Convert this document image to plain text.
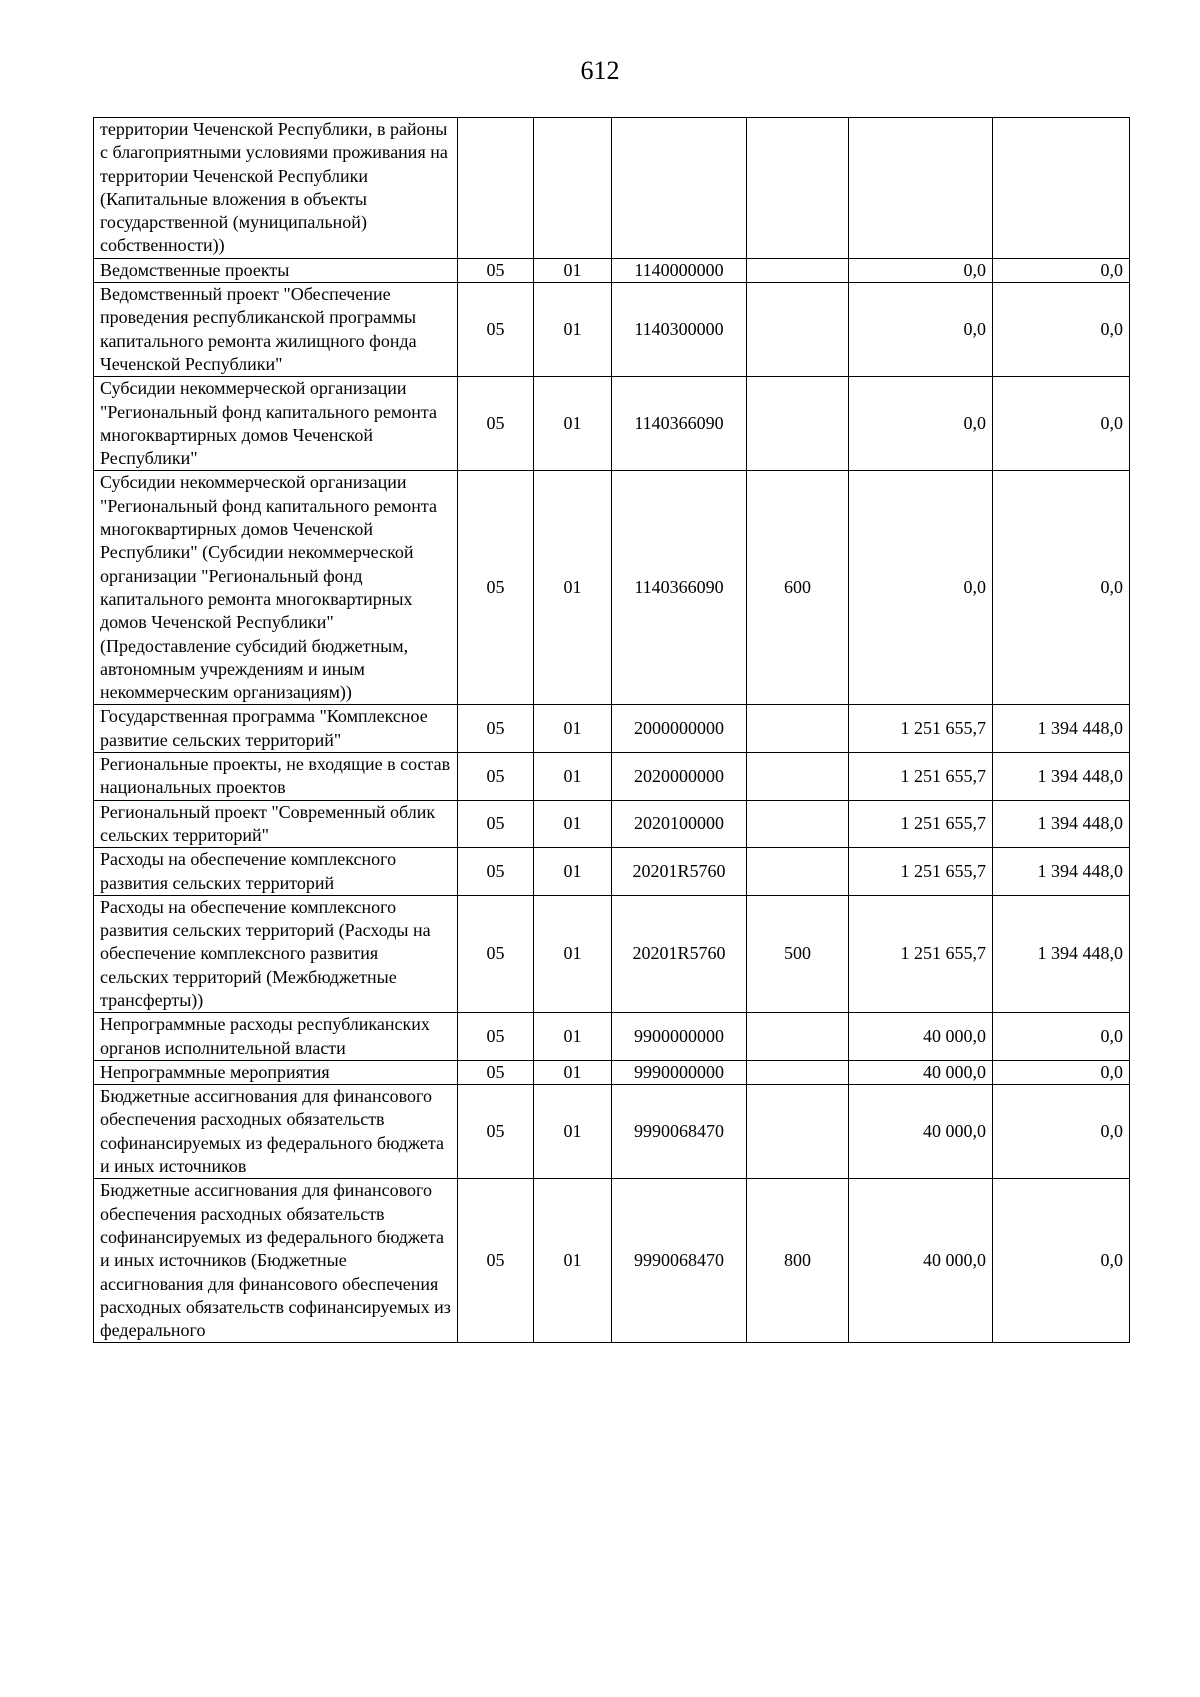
612
территории Чеченской Республики, в районы с благоприятными условиями проживания на территории Чеченской Республики (Капитальные вложения в объекты государственной (муниципальной) собственности))						
Ведомственные проекты	05	01	1140000000		0,0	0,0
Ведомственный проект "Обеспечение проведения республиканской программы капитального ремонта жилищного фонда Чеченской Республики"	05	01	1140300000		0,0	0,0
Субсидии некоммерческой организации "Региональный фонд капитального ремонта многоквартирных домов Чеченской Республики"	05	01	1140366090		0,0	0,0
Субсидии некоммерческой организации "Региональный фонд капитального ремонта многоквартирных домов Чеченской Республики" (Субсидии некоммерческой организации "Региональный фонд капитального ремонта многоквартирных домов Чеченской Республики" (Предоставление субсидий бюджетным, автономным учреждениям и иным некоммерческим организациям))	05	01	1140366090	600	0,0	0,0
Государственная программа "Комплексное развитие сельских территорий"	05	01	2000000000		1 251 655,7	1 394 448,0
Региональные проекты, не входящие в состав национальных проектов	05	01	2020000000		1 251 655,7	1 394 448,0
Региональный проект "Современный облик сельских территорий"	05	01	2020100000		1 251 655,7	1 394 448,0
Расходы на обеспечение комплексного развития сельских территорий	05	01	20201R5760		1 251 655,7	1 394 448,0
Расходы на обеспечение комплексного развития сельских территорий (Расходы на обеспечение комплексного развития сельских территорий (Межбюджетные трансферты))	05	01	20201R5760	500	1 251 655,7	1 394 448,0
Непрограммные расходы республиканских органов исполнительной власти	05	01	9900000000		40 000,0	0,0
Непрограммные мероприятия	05	01	9990000000		40 000,0	0,0
Бюджетные ассигнования для финансового обеспечения расходных обязательств софинансируемых из федерального бюджета и иных источников	05	01	9990068470		40 000,0	0,0
Бюджетные ассигнования для финансового обеспечения расходных обязательств софинансируемых из федерального бюджета и иных источников (Бюджетные ассигнования для финансового обеспечения расходных обязательств софинансируемых из федерального	05	01	9990068470	800	40 000,0	0,0
